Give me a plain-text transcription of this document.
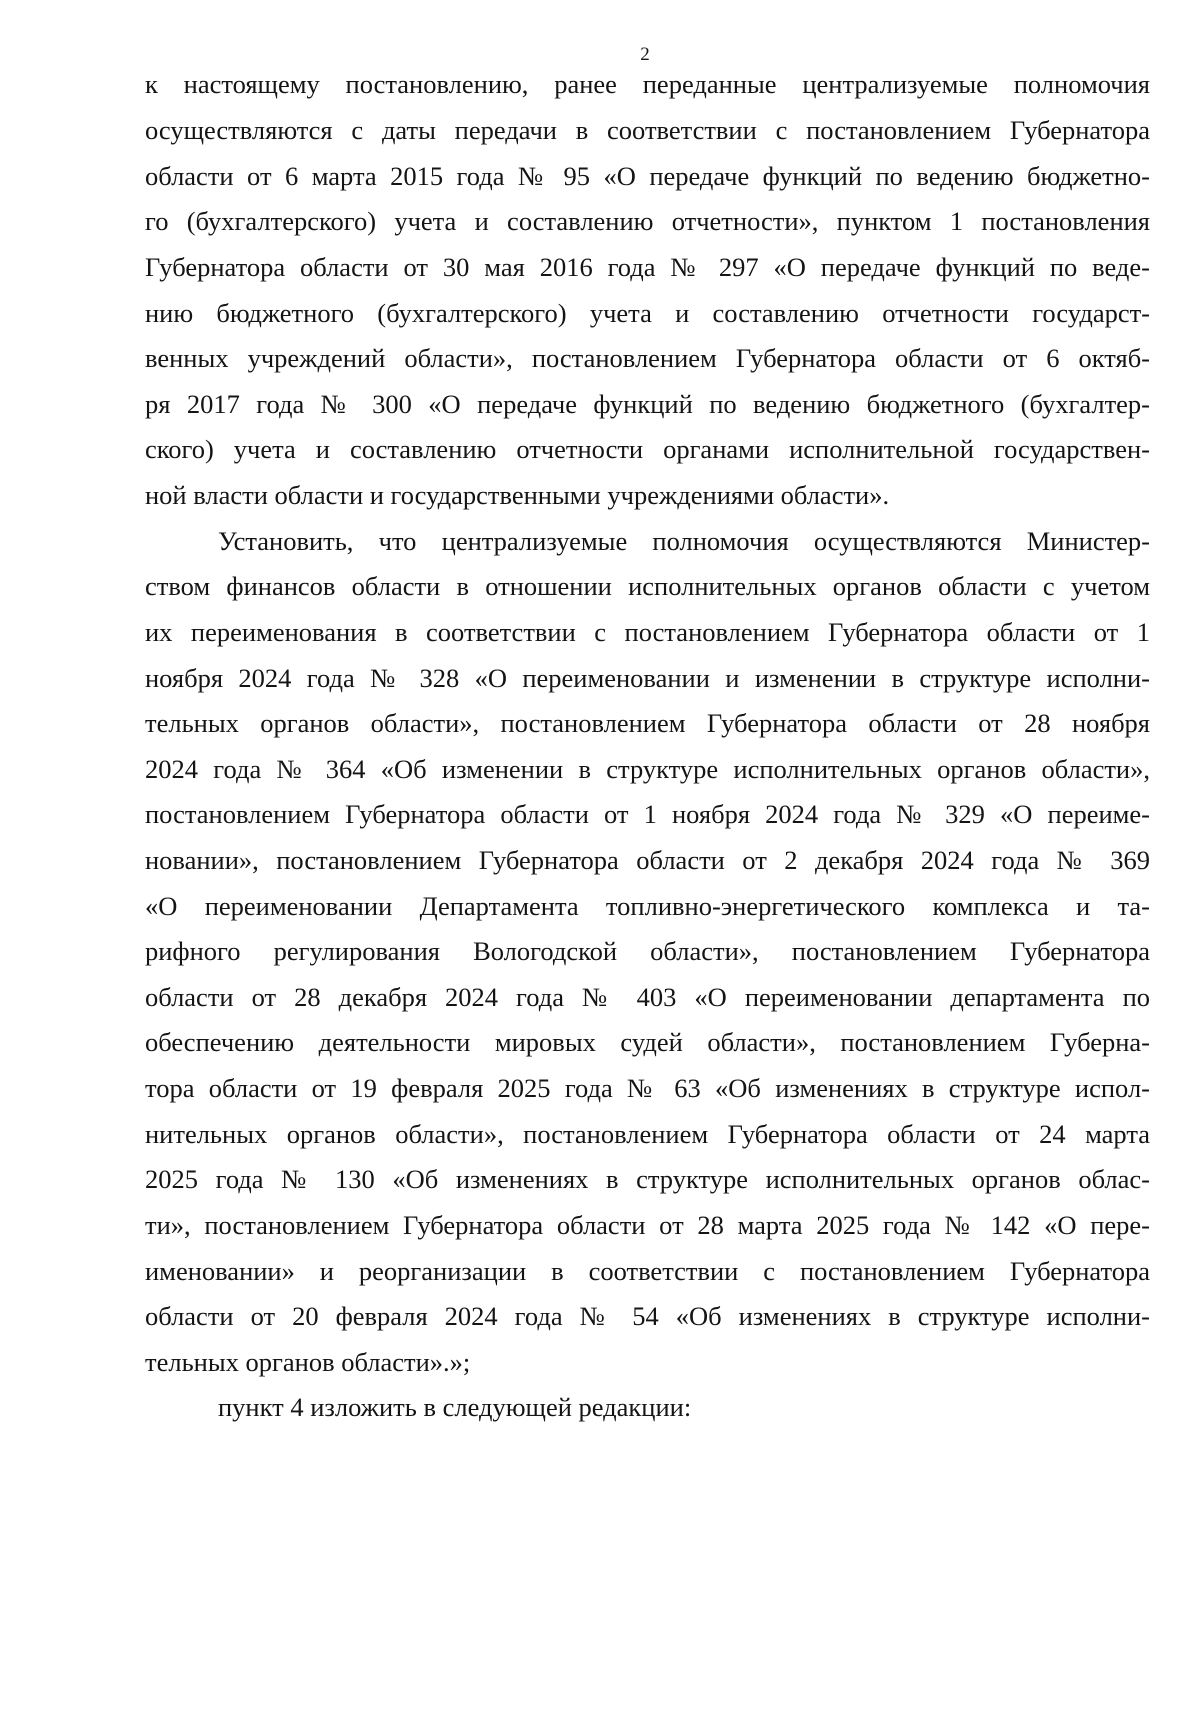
2
к настоящему постановлению, ранее переданные централизуемые полномочия
осуществляются с даты передачи в соответствии с постановлением Губернатора
области от 6 марта 2015 года № 95 «О передаче функций по ведению бюджетно-
го (бухгалтерского) учета и составлению отчетности», пунктом 1 постановления
Губернатора области от 30 мая 2016 года № 297 «О передаче функций по веде-
нию бюджетного (бухгалтерского) учета и составлению отчетности государст-
венных учреждений области», постановлением Губернатора области от 6 октяб-
ря 2017 года № 300 «О передаче функций по ведению бюджетного (бухгалтер-
ского) учета и составлению отчетности органами исполнительной государствен-
ной власти области и государственными учреждениями области».
Установить, что централизуемые полномочия осуществляются Министер-
ством финансов области в отношении исполнительных органов области с учетом
их переименования в соответствии с постановлением Губернатора области от 1
ноября 2024 года № 328 «О переименовании и изменении в структуре исполни-
тельных органов области», постановлением Губернатора области от 28 ноября
2024 года № 364 «Об изменении в структуре исполнительных органов области»,
постановлением Губернатора области от 1 ноября 2024 года № 329 «О переиме-
новании», постановлением Губернатора области от 2 декабря 2024 года № 369
«О переименовании Департамента топливно-энергетического комплекса и та-
рифного регулирования Вологодской области», постановлением Губернатора
области от 28 декабря 2024 года № 403 «О переименовании департамента по
обеспечению деятельности мировых судей области», постановлением Губерна-
тора области от 19 февраля 2025 года № 63 «Об изменениях в структуре испол-
нительных органов области», постановлением Губернатора области от 24 марта
2025 года № 130 «Об изменениях в структуре исполнительных органов облас-
ти», постановлением Губернатора области от 28 марта 2025 года № 142 «О пере-
именовании» и реорганизации в соответствии с постановлением Губернатора
области от 20 февраля 2024 года № 54 «Об изменениях в структуре исполни-
тельных органов области».»;
пункт 4 изложить в следующей редакции:
